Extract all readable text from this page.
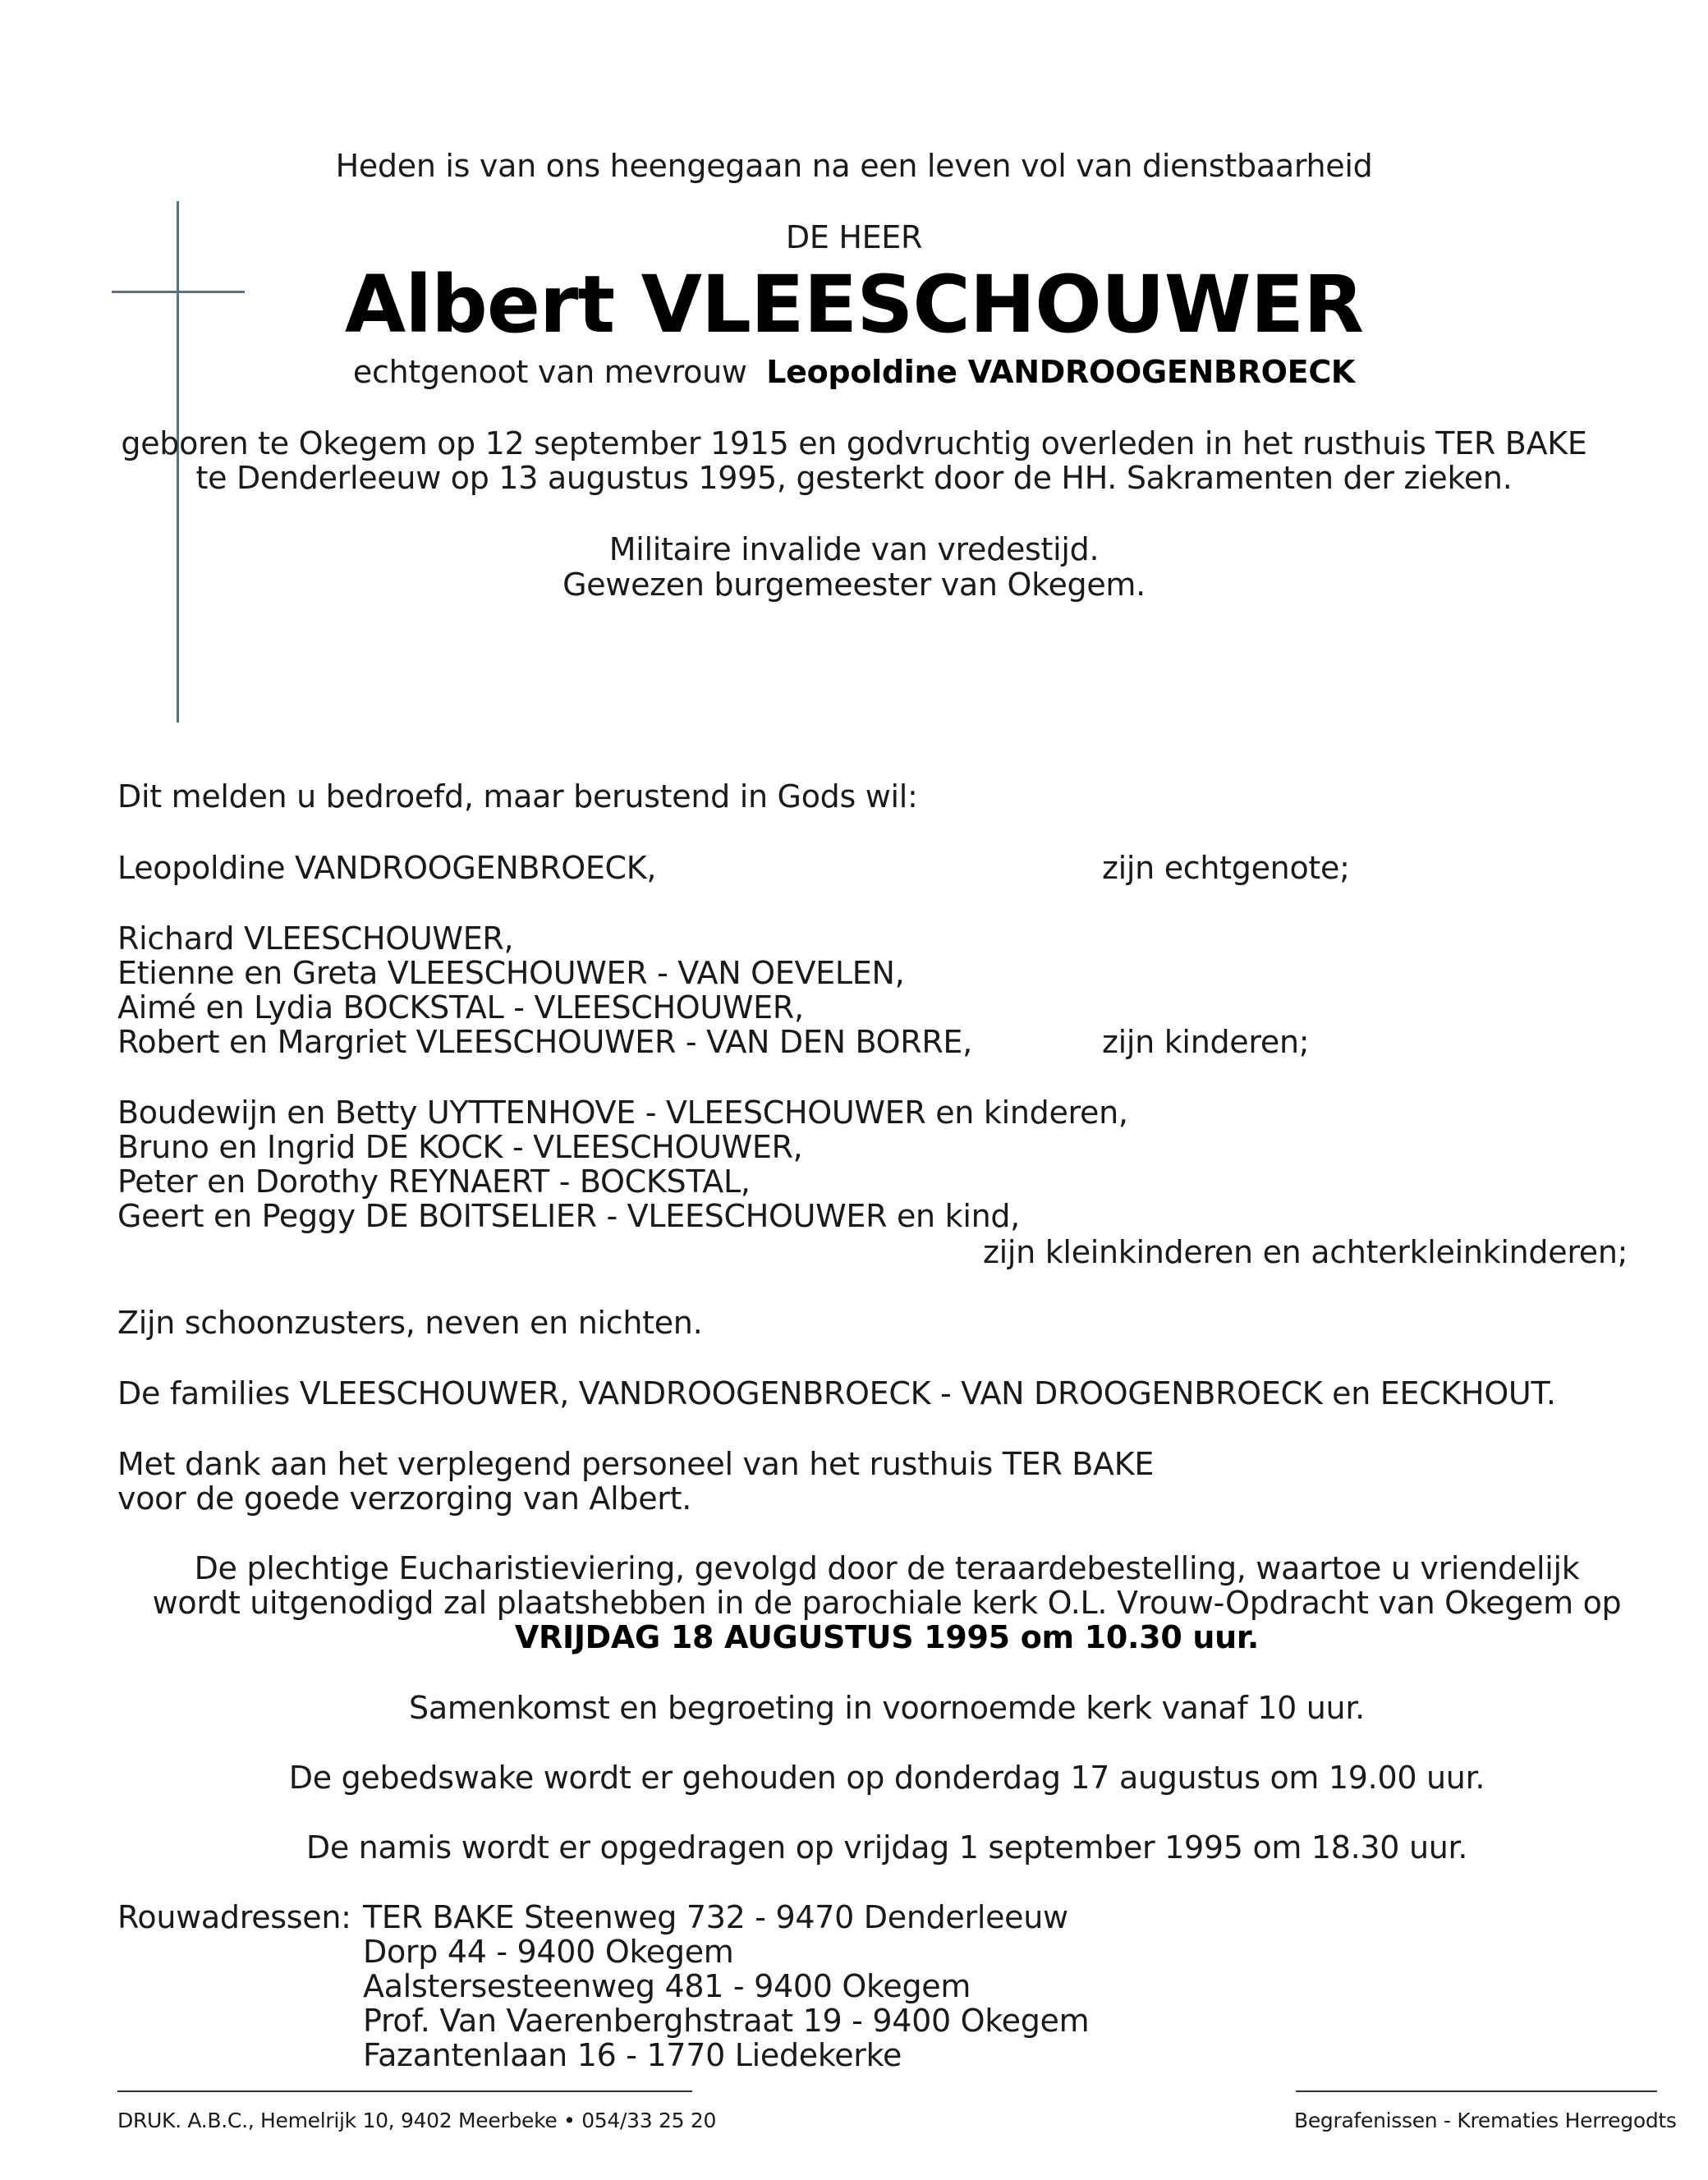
Heden is van ons heengegaan na een leven vol van dienstbaarheid
DE HEER
Albert VLEESCHOUWER
echtgenoot van mevrouw Leopoldine VANDROOGENBROECK
geboren te Okegem op 12 september 1915 en godvruchtig overleden in het rusthuis TER BAKE
te Denderleeuw op 13 augustus 1995, gesterkt door de HH. Sakramenten der zieken.
Militaire invalide van vredestijd.
Gewezen burgemeester van Okegem.
Dit melden u bedroefd, maar berustend in Gods wil:
Leopoldine VANDROOGENBROECK,	zijn echtgenote;
Richard VLEESCHOUWER,
Etienne en Greta VLEESCHOUWER - VAN OEVELEN,
Aimé en Lydia BOCKSTAL - VLEESCHOUWER,
Robert en Margriet VLEESCHOUWER - VAN DEN BORRE,	zijn kinderen;
Boudewijn en Betty UYTTENHOVE - VLEESCHOUWER en kinderen,
Bruno en Ingrid DE KOCK - VLEESCHOUWER,
Peter en Dorothy REYNAERT - BOCKSTAL,
Geert en Peggy DE BOITSELIER - VLEESCHOUWER en kind,
zijn kleinkinderen en achterkleinkinderen;
Zijn schoonzusters, neven en nichten.
De families VLEESCHOUWER, VANDROOGENBROECK - VAN DROOGENBROECK en EECKHOUT.
Met dank aan het verplegend personeel van het rusthuis TER BAKE
voor de goede verzorging van Albert.
De plechtige Eucharistieviering, gevolgd door de teraardebestelling, waartoe u vriendelijk
wordt uitgenodigd zal plaatshebben in de parochiale kerk O.L. Vrouw-Opdracht van Okegem op
VRIJDAG 18 AUGUSTUS 1995 om 10.30 uur.
Samenkomst en begroeting in voornoemde kerk vanaf 10 uur.
De gebedswake wordt er gehouden op donderdag 17 augustus om 19.00 uur.
De namis wordt er opgedragen op vrijdag 1 september 1995 om 18.30 uur.
Rouwadressen: TER BAKE Steenweg 732 - 9470 Denderleeuw
Dorp 44 - 9400 Okegem
Aalstersesteenweg 481 - 9400 Okegem
Prof. Van Vaerenberghstraat 19 - 9400 Okegem
Fazantenlaan 16 - 1770 Liedekerke
DRUK. A.B.C., Hemelrijk 10, 9402 Meerbeke • 054/33 25 20	Begrafenissen - Krematies Herregodts
